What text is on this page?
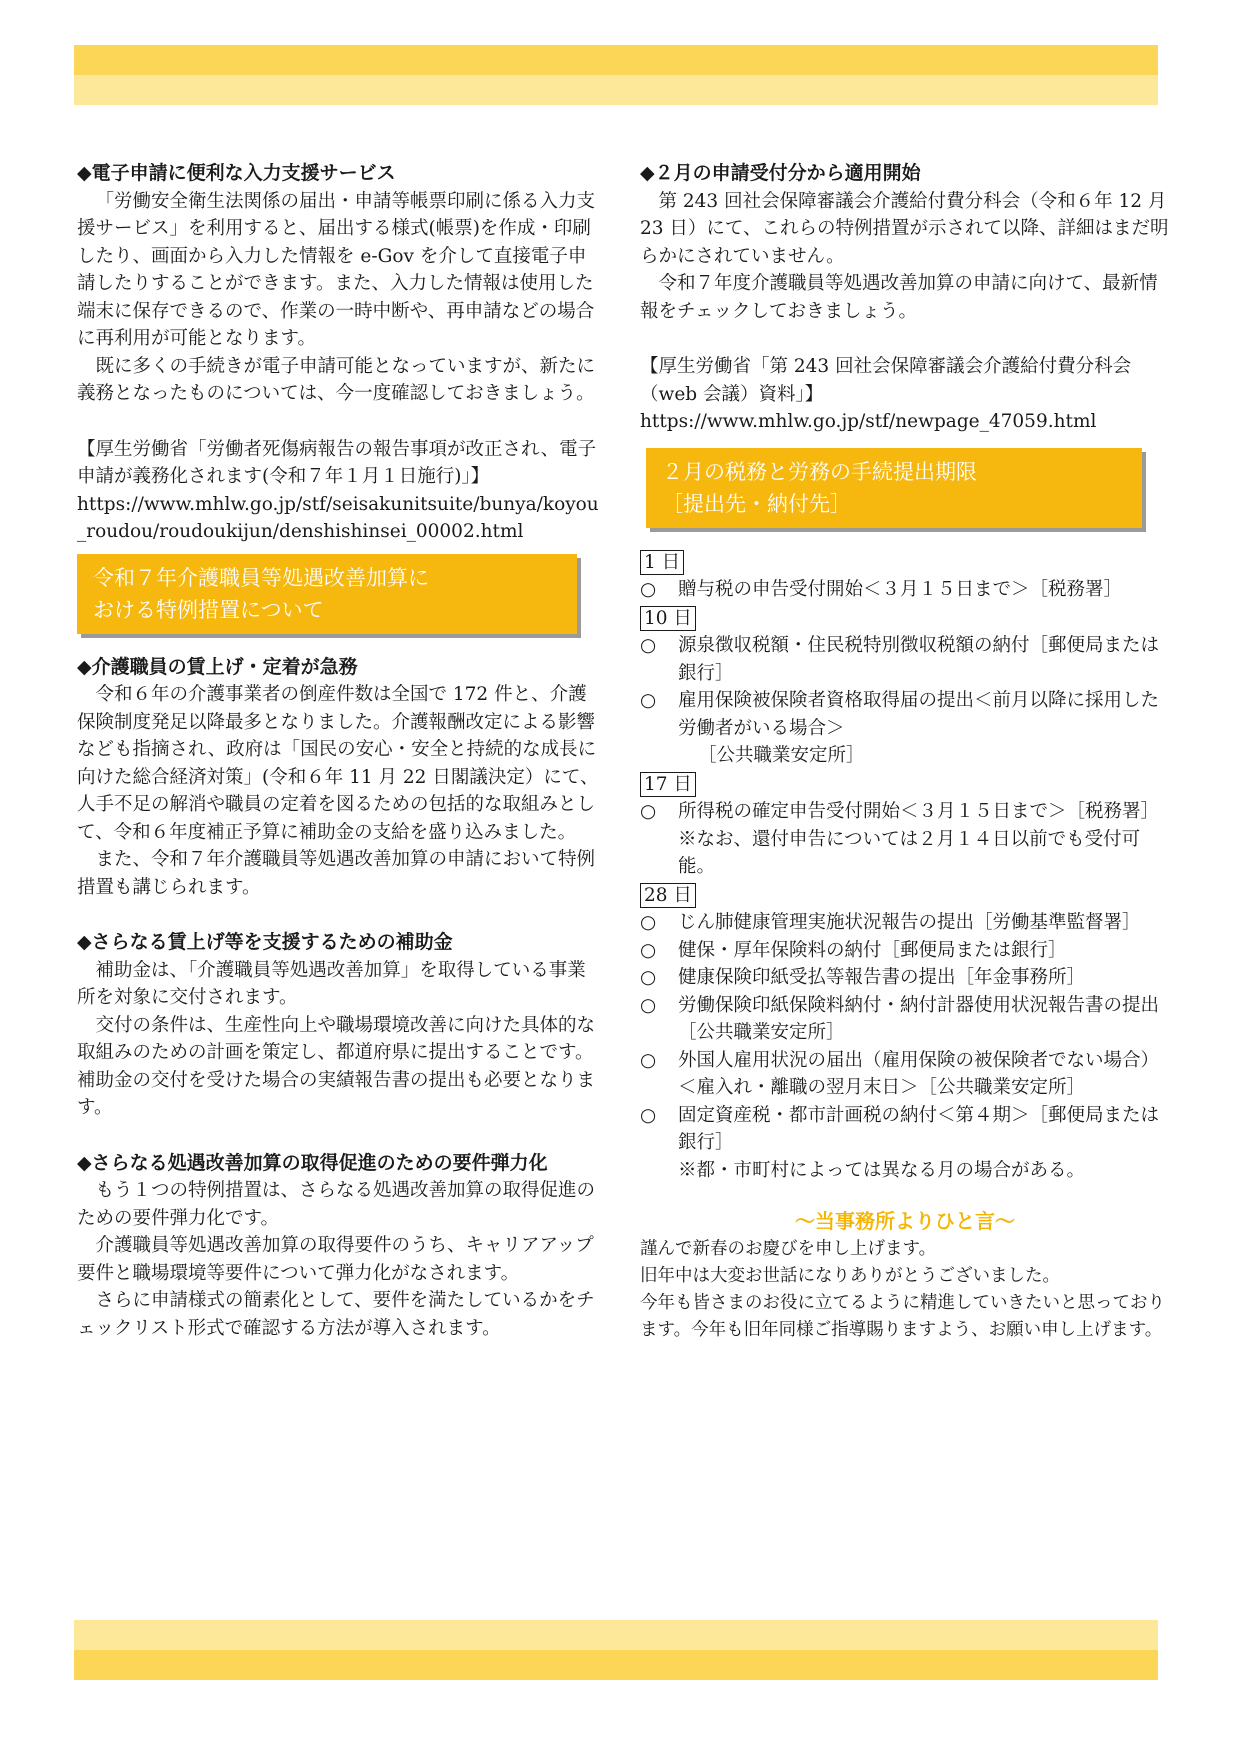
◆電子申請に便利な入力支援サービス

「労働安全衛生法関係の届出・申請等帳票印刷に係る入力支援サービス」を利用すると、届出する様式(帳票)を作成・印刷したり、画面から入力した情報を e-Gov を介して直接電子申請したりすることができます。また、入力した情報は使用した端末に保存できるので、作業の一時中断や、再申請などの場合に再利用が可能となります。

既に多くの手続きが電子申請可能となっていますが、新たに義務となったものについては、今一度確認しておきましょう。

【厚生労働省「労働者死傷病報告の報告事項が改正され、電子申請が義務化されます(令和７年１月１日施行)」】

https://www.mhlw.go.jp/stf/seisakunitsuite/bunya/koyou_roudou/roudoukijun/denshishinsei_00002.html

令和７年介護職員等処遇改善加算に
おける特例措置について
◆介護職員の賃上げ・定着が急務

令和６年の介護事業者の倒産件数は全国で 172 件と、介護保険制度発足以降最多となりました。介護報酬改定による影響なども指摘され、政府は「国民の安心・安全と持続的な成長に向けた総合経済対策」(令和６年 11 月 22 日閣議決定）にて、人手不足の解消や職員の定着を図るための包括的な取組みとして、令和６年度補正予算に補助金の支給を盛り込みました。

また、令和７年介護職員等処遇改善加算の申請において特例措置も講じられます。

◆さらなる賃上げ等を支援するための補助金

補助金は、「介護職員等処遇改善加算」を取得している事業所を対象に交付されます。

交付の条件は、生産性向上や職場環境改善に向けた具体的な取組みのための計画を策定し、都道府県に提出することです。補助金の交付を受けた場合の実績報告書の提出も必要となります。

◆さらなる処遇改善加算の取得促進のための要件弾力化

もう１つの特例措置は、さらなる処遇改善加算の取得促進のための要件弾力化です。

介護職員等処遇改善加算の取得要件のうち、キャリアアップ要件と職場環境等要件について弾力化がなされます。

さらに申請様式の簡素化として、要件を満たしているかをチェックリスト形式で確認する方法が導入されます。

◆２月の申請受付分から適用開始

第 243 回社会保障審議会介護給付費分科会（令和６年 12 月 23 日）にて、これらの特例措置が示されて以降、詳細はまだ明らかにされていません。

令和７年度介護職員等処遇改善加算の申請に向けて、最新情報をチェックしておきましょう。

【厚生労働省「第 243 回社会保障審議会介護給付費分科会（web 会議）資料」】

https://www.mhlw.go.jp/stf/newpage_47059.html

２月の税務と労務の手続提出期限
［提出先・納付先］
1 日
○	贈与税の申告受付開始＜３月１５日まで＞［税務署］
10 日
○	源泉徴収税額・住民税特別徴収税額の納付［郵便局または銀行］
○	雇用保険被保険者資格取得届の提出＜前月以降に採用した労働者がいる場合＞
［公共職業安定所］
17 日
○	所得税の確定申告受付開始＜３月１５日まで＞［税務署］
※なお、還付申告については２月１４日以前でも受付可能。
28 日
○	じん肺健康管理実施状況報告の提出［労働基準監督署］
○	健保・厚年保険料の納付［郵便局または銀行］
○	健康保険印紙受払等報告書の提出［年金事務所］
○	労働保険印紙保険料納付・納付計器使用状況報告書の提出［公共職業安定所］
○	外国人雇用状況の届出（雇用保険の被保険者でない場合）＜雇入れ・離職の翌月末日＞［公共職業安定所］
○	固定資産税・都市計画税の納付＜第４期＞［郵便局または銀行］
※都・市町村によっては異なる月の場合がある。
～当事務所よりひと言～
謹んで新春のお慶びを申し上げます。
旧年中は大変お世話になりありがとうございました。
今年も皆さまのお役に立てるように精進していきたいと思っております。今年も旧年同様ご指導賜りますよう、お願い申し上げます。
